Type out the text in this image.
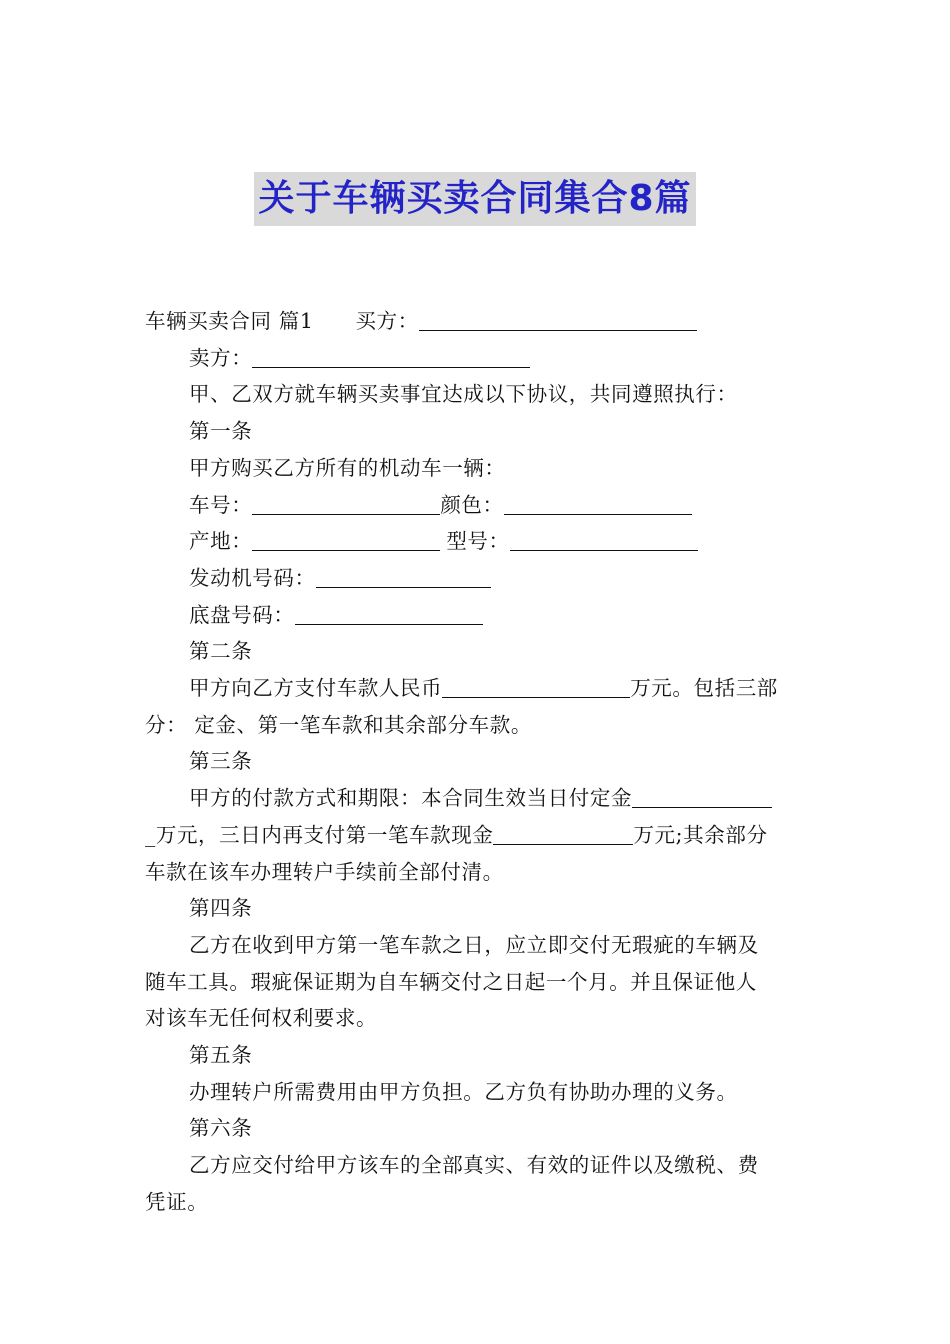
关于车辆买卖合同集合8篇
车辆买卖合同 篇1 买方：
卖方：
甲、乙双方就车辆买卖事宜达成以下协议，共同遵照执行：
第一条
甲方购买乙方所有的机动车一辆：
车号：	颜色：
产地：	型号：
发动机号码：
底盘号码：
第二条
甲方向乙方支付车款人民币	万元。包括三部
分： 定金、第一笔车款和其余部分车款。
第三条
甲方的付款方式和期限：本合同生效当日付定金
_万元，三日内再支付第一笔车款现金	万元;其余部分
车款在该车办理转户手续前全部付清。
第四条
乙方在收到甲方第一笔车款之日，应立即交付无瑕疵的车辆及
随车工具。瑕疵保证期为自车辆交付之日起一个月。并且保证他人
对该车无任何权利要求。
第五条
办理转户所需费用由甲方负担。乙方负有协助办理的义务。
第六条
乙方应交付给甲方该车的全部真实、有效的证件以及缴税、费
凭证。
